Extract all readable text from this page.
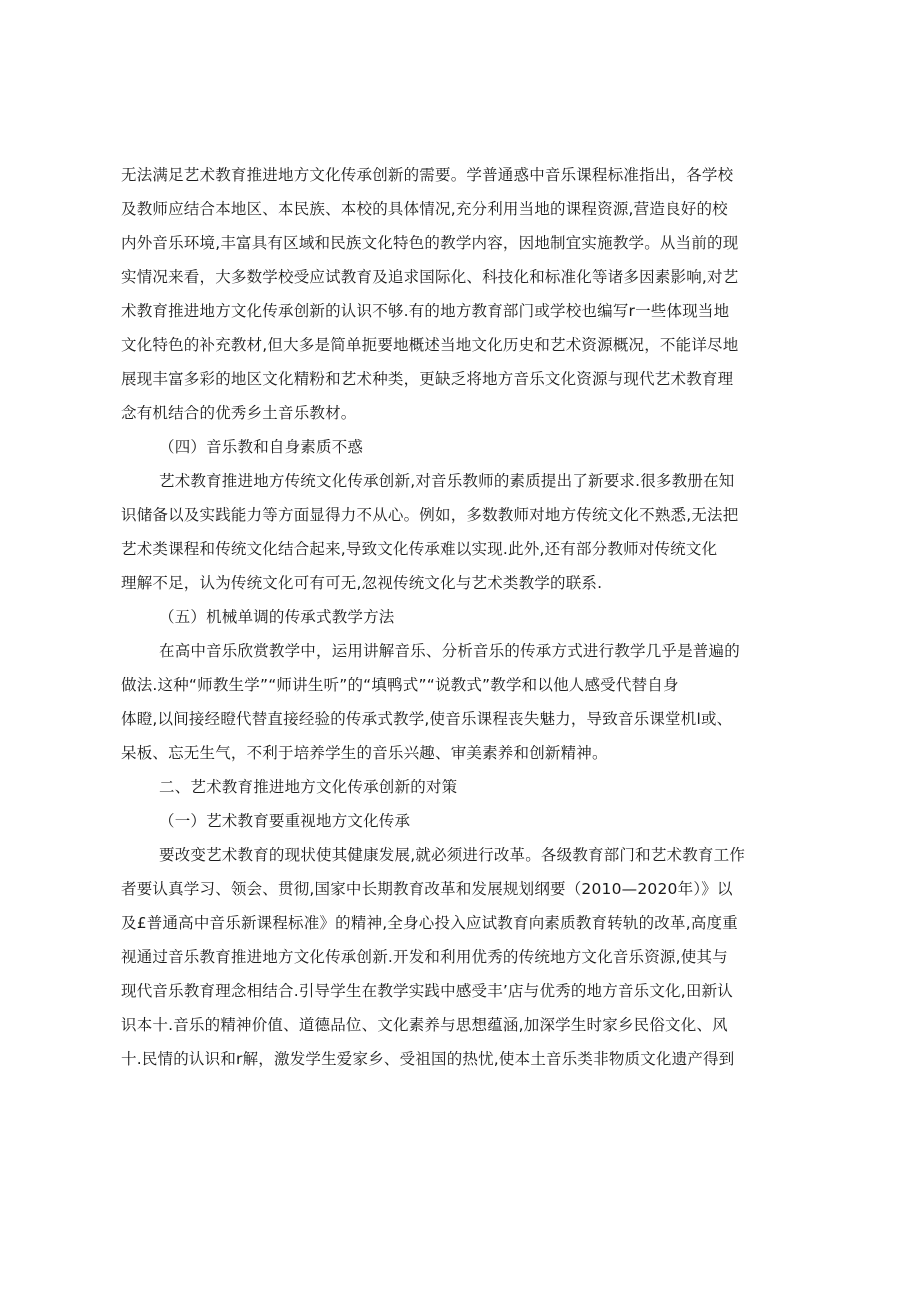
无法满足艺术教育推进地方文化传承创新的需要。学普通惑中音乐课程标准指出，各学校
及教师应结合本地区、本民族、本校的具体情况,充分利用当地的课程资源,营造良好的校
内外音乐环境,丰富具有区域和民族文化特色的教学内容，因地制宜实施教学。从当前的现
实情况来看，大多数学校受应试教育及追求国际化、科技化和标准化等诸多因素影响,对艺
术教育推进地方文化传承创新的认识不够.有的地方教育部门或学校也编写r一些体现当地
文化特色的补充教材,但大多是简单扼要地概述当地文化历史和艺术资源概况，不能详尽地
展现丰富多彩的地区文化精粉和艺术种类，更缺乏将地方音乐文化资源与现代艺术教育理
念有机结合的优秀乡土音乐教材。
（四）音乐教和自身素质不惑
艺术教育推进地方传统文化传承创新,对音乐教师的素质提出了新要求.很多教册在知
识储备以及实践能力等方面显得力不从心。例如，多数教师对地方传统文化不熟悉,无法把
艺术类课程和传统文化结合起来,导致文化传承难以实现.此外,还有部分教师对传统文化
理解不足，认为传统文化可有可无,忽视传统文化与艺术类教学的联系.
（五）机械单调的传承式教学方法
在高中音乐欣赏教学中，运用讲解音乐、分析音乐的传承方式进行教学几乎是普遍的
做法.这种“师教生学”“师讲生听”的“填鸭式”“说教式”教学和以他人感受代替自身
体瞪,以间接经瞪代替直接经验的传承式教学,使音乐课程丧失魅力，导致音乐课堂机l或、
呆板、忘无生气，不利于培养学生的音乐兴趣、审美素养和创新精神。
二、艺术教育推进地方文化传承创新的对策
（一）艺术教育要重视地方文化传承
要改变艺术教育的现状使其健康发展,就必须进行改革。各级教育部门和艺术教育工作
者要认真学习、领会、贯彻,国家中长期教育改革和发展规划纲要（2010—2020年）》以
及£普通高中音乐新课程标准》的精神,全身心投入应试教育向素质教育转轨的改革,高度重
视通过音乐教育推进地方文化传承创新.开发和利用优秀的传统地方文化音乐资源,使其与
现代音乐教育理念相结合.引导学生在教学实践中感受丰’店与优秀的地方音乐文化,田新认
识本十.音乐的精神价值、道德品位、文化素养与思想蕴涵,加深学生时家乡民俗文化、风
十.民情的认识和r解，激发学生爱家乡、受祖国的热忧,使本土音乐类非物质文化遗产得到
